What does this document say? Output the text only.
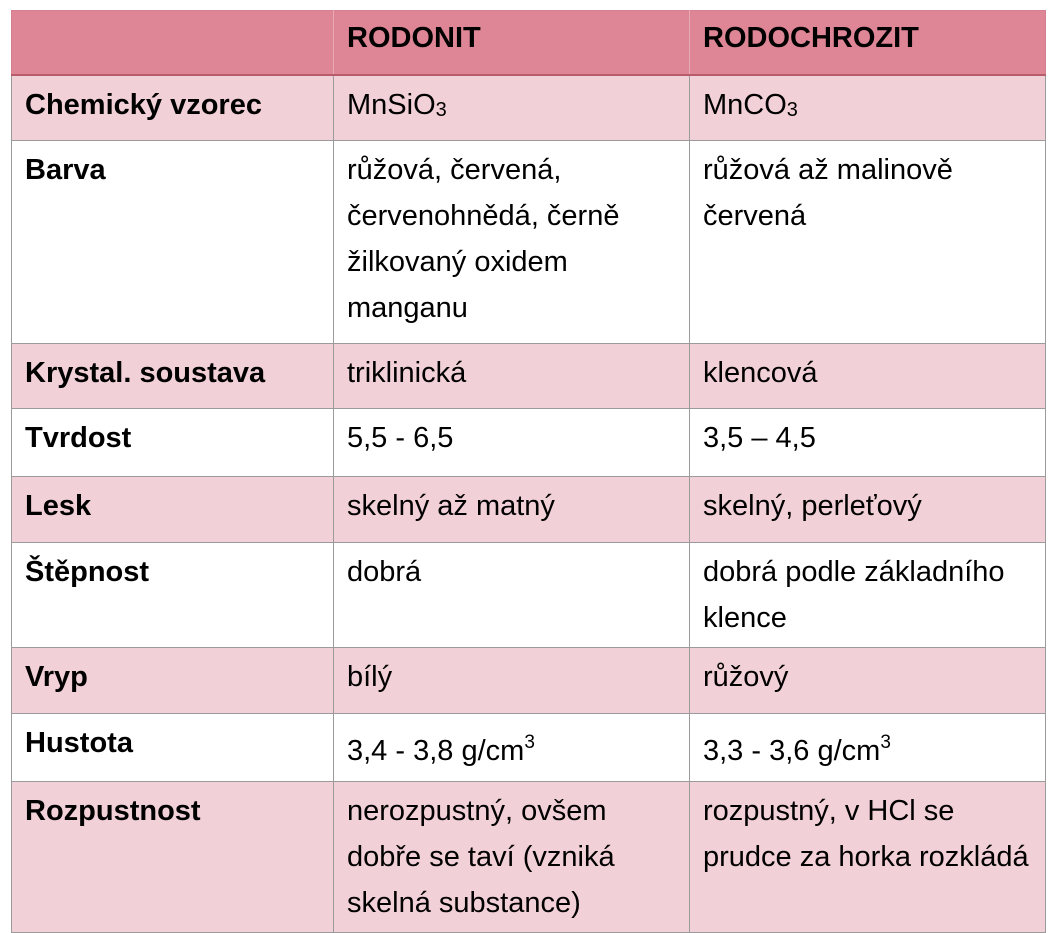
	RODONIT	RODOCHROZIT
Chemický vzorec	MnSiO3	MnCO3
Barva	růžová, červená, červenohnědá, černě žilkovaný oxidem manganu	růžová až malinově červená
Krystal. soustava	triklinická	klencová
Tvrdost	5,5 - 6,5	3,5 – 4,5
Lesk	skelný až matný	skelný, perleťový
Štěpnost	dobrá	dobrá podle základního klence
Vryp	bílý	růžový
Hustota	3,4 - 3,8 $g/cm^3$	3,3 - 3,6 $g/cm^3$
Rozpustnost	nerozpustný, ovšem dobře se taví (vzniká skelná substance)	rozpustný, v HCl se prudce za horka rozkládá
